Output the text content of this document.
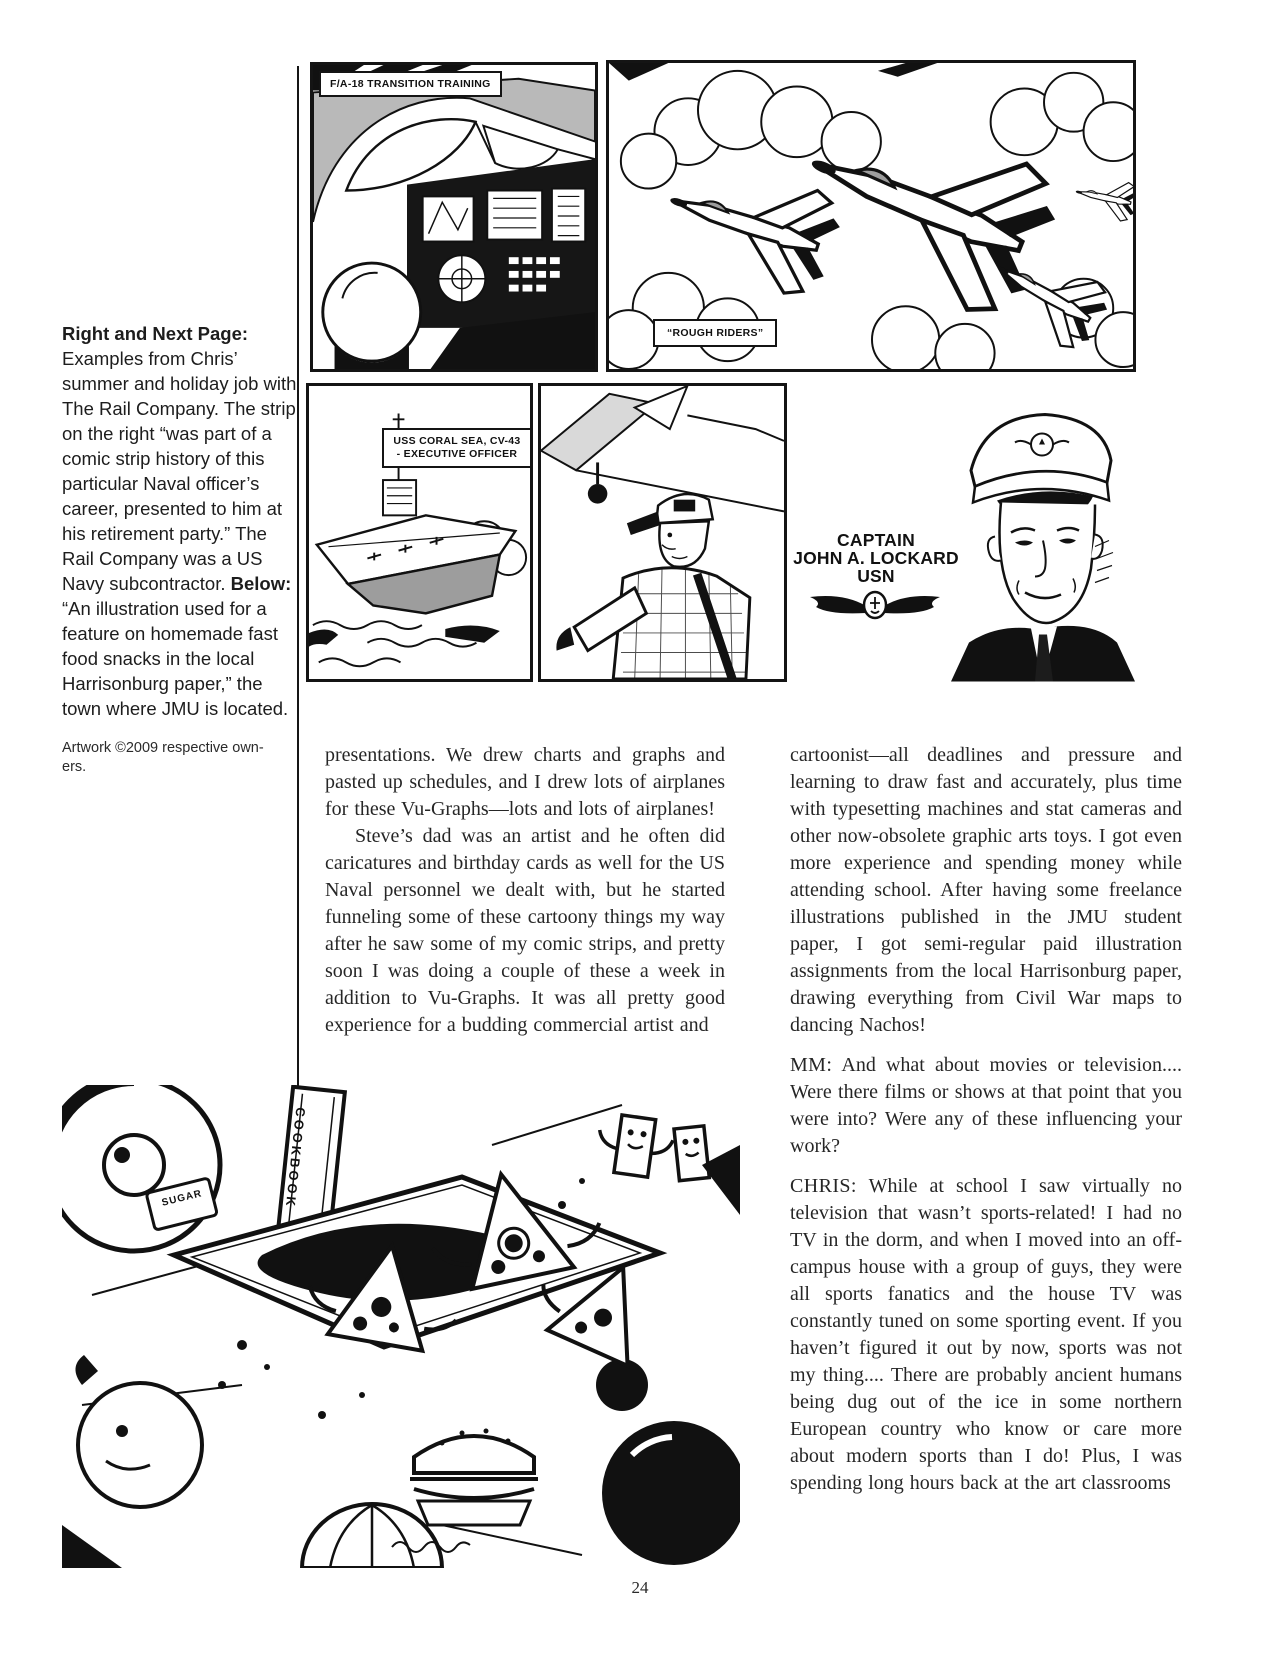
Right and Next Page: Examples from Chris’ summer and holiday job with The Rail Company. The strip on the right “was part of a comic strip history of this particular Naval officer’s career, presented to him at his retirement party.” The Rail Company was a US Navy subcontractor. Below: “An illustration used for a feature on homemade fast food snacks in the local Harrisonburg paper,” the town where JMU is located.

Artwork ©2009 respective own-ers.

F/A-18 TRANSITION TRAINING
“ROUGH RIDERS”
USS CORAL SEA, CV-43
- EXECUTIVE OFFICER
CAPTAIN
JOHN A. LOCKARD
USN

presentations. We drew charts and graphs and pasted up schedules, and I drew lots of airplanes for these Vu-Graphs—lots and lots of airplanes!

Steve’s dad was an artist and he often did caricatures and birthday cards as well for the US Naval personnel we dealt with, but he started funneling some of these cartoony things my way after he saw some of my comic strips, and pretty soon I was doing a couple of these a week in addition to Vu-Graphs. It was all pretty good experience for a budding commercial artist and

cartoonist—all deadlines and pressure and learning to draw fast and accurately, plus time with typesetting machines and stat cameras and other now-obsolete graphic arts toys. I got even more experience and spending money while attending school. After having some freelance illustrations published in the JMU student paper, I got semi-regular paid illustration assignments from the local Harrisonburg paper, drawing everything from Civil War maps to dancing Nachos!

MM: And what about movies or television.... Were there films or shows at that point that you were into? Were any of these influencing your work?

CHRIS: While at school I saw virtually no television that wasn’t sports-related! I had no TV in the dorm, and when I moved into an off-campus house with a group of guys, they were all sports fanatics and the house TV was constantly tuned on some sporting event. If you haven’t figured it out by now, sports was not my thing.... There are probably ancient humans being dug out of the ice in some northern European country who know or care more about modern sports than I do! Plus, I was spending long hours back at the art classrooms

COOKBOOK
SUGAR
24
